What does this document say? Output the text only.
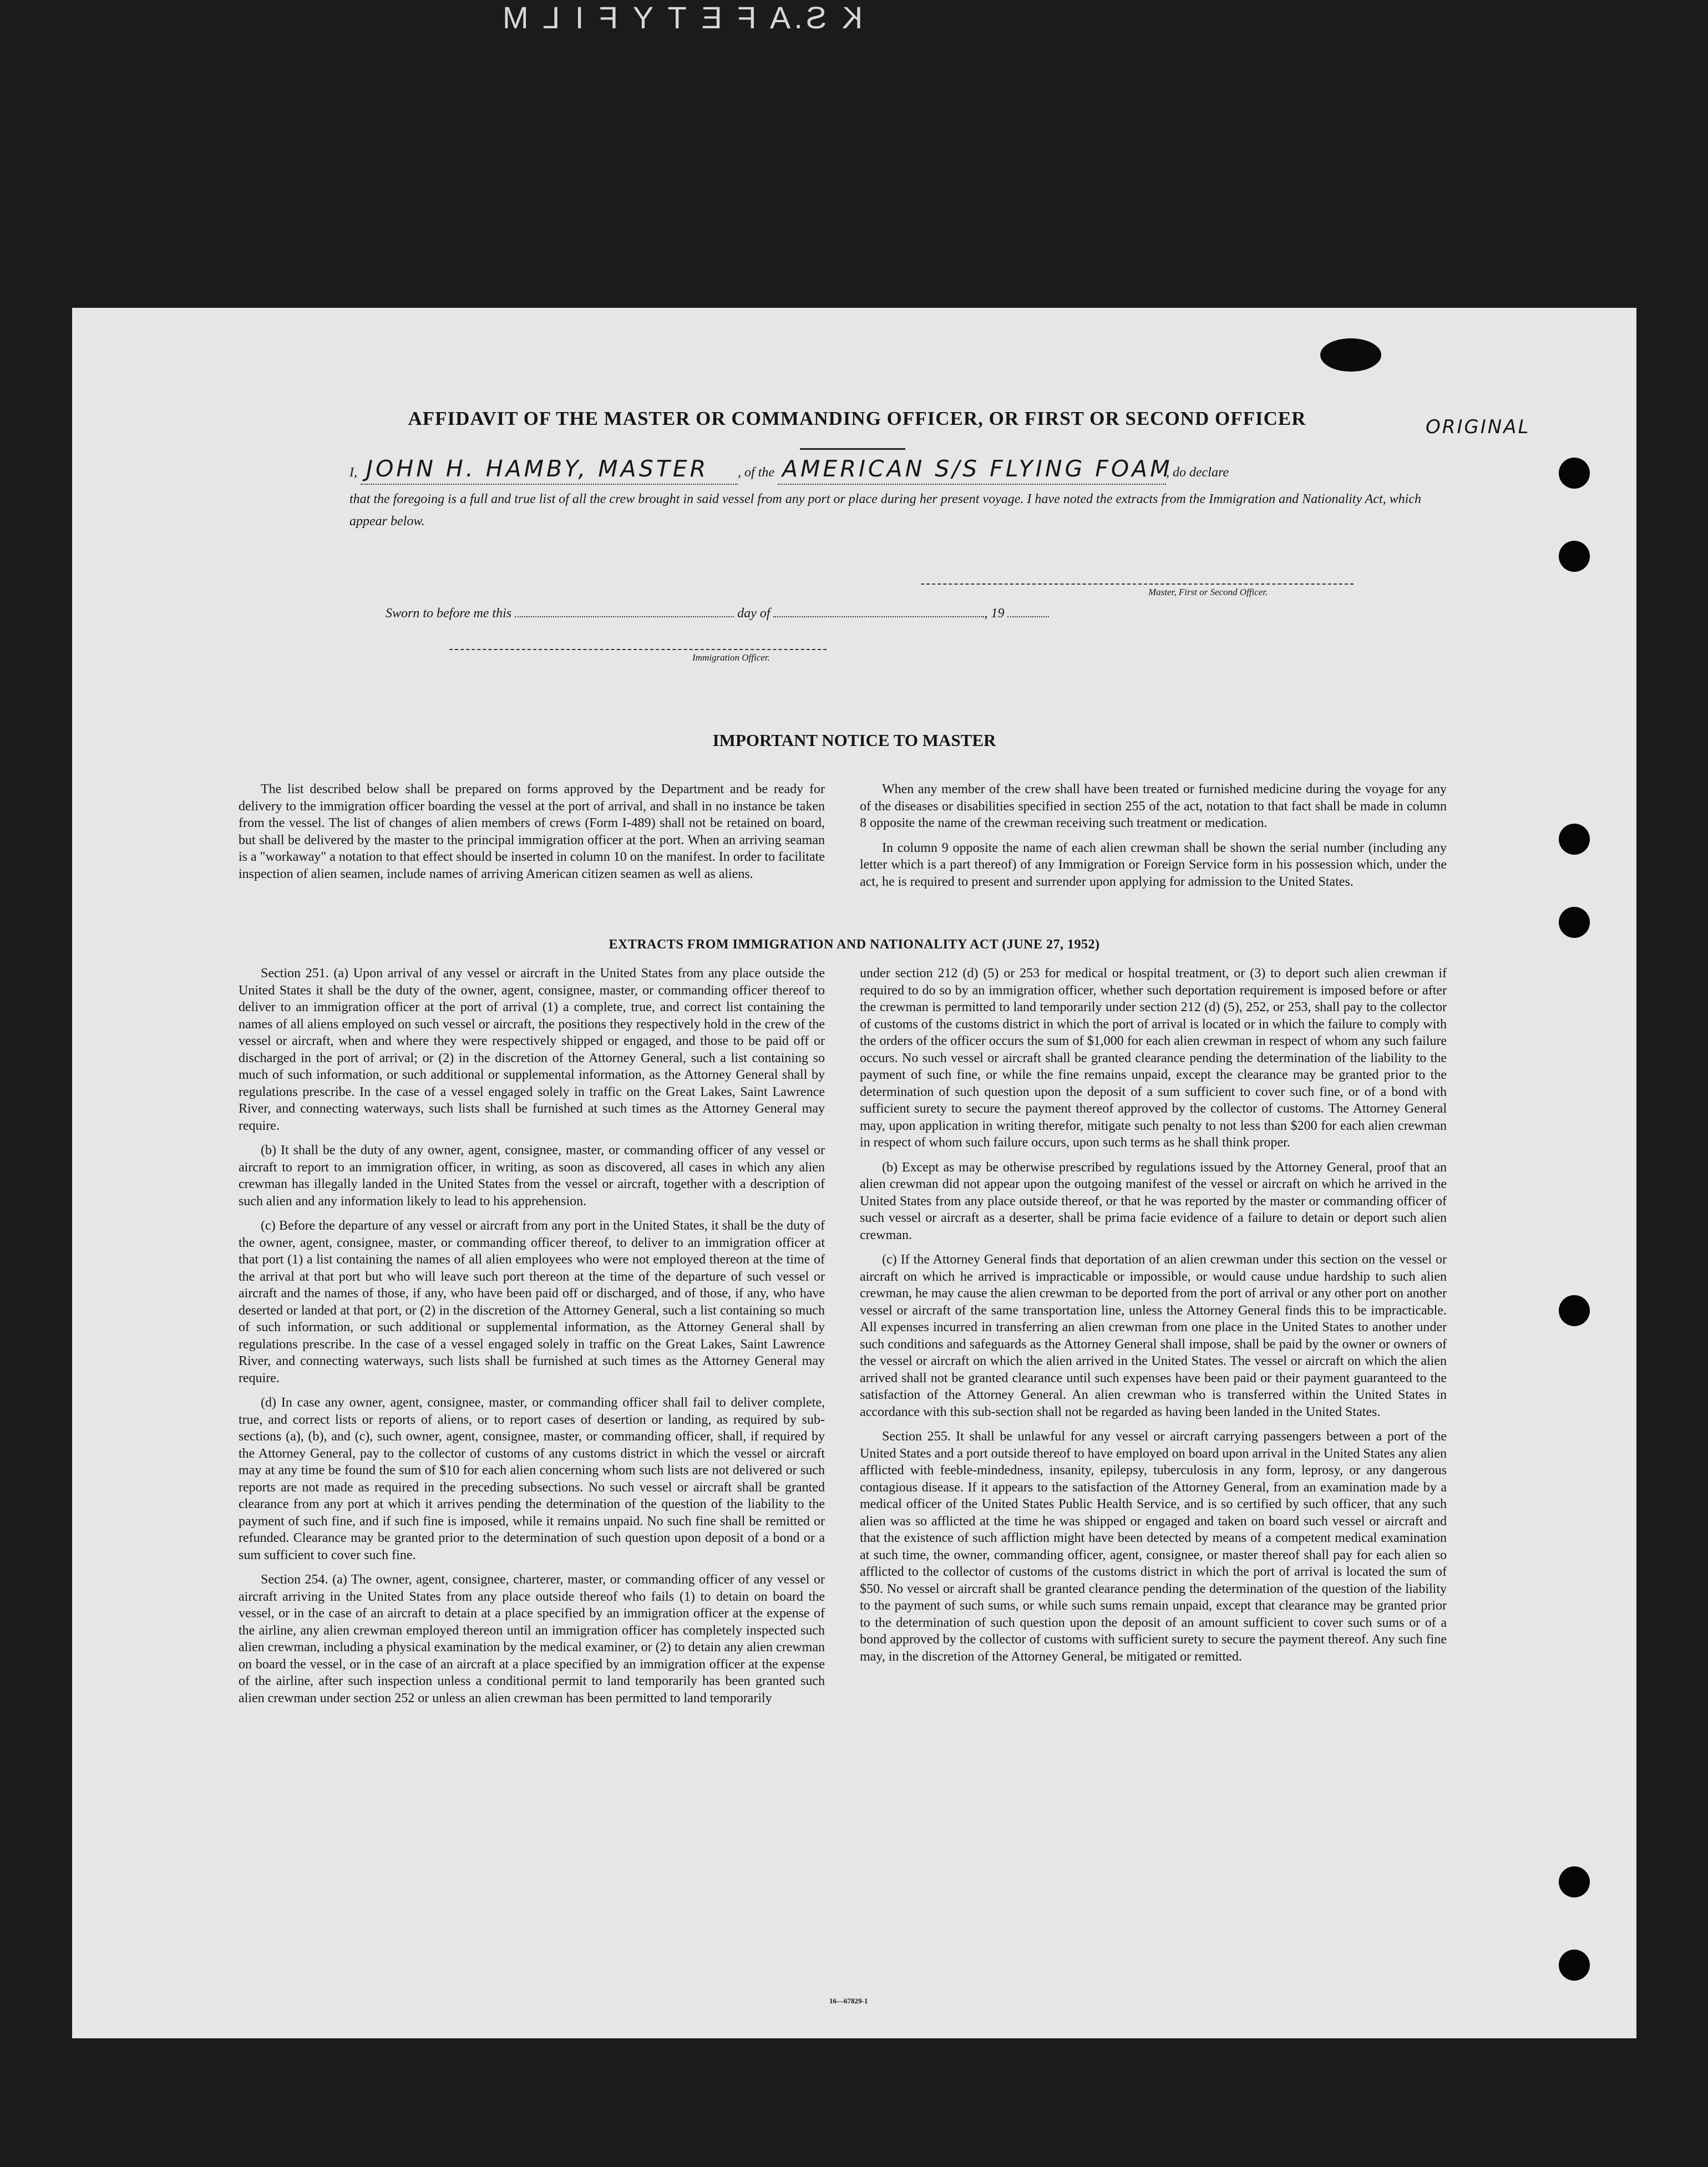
K S.A F E T Y F I L M
AFFIDAVIT OF THE MASTER OR COMMANDING OFFICER, OR FIRST OR SECOND OFFICER	ORIGINAL
I, JOHN H. HAMBY, MASTER , of the AMERICAN S/S FLYING FOAM, do declare
that the foregoing is a full and true list of all the crew brought in said vessel from any port or place during her present voyage. I have noted the extracts from the Immigration and Nationality Act, which appear below.
Master, First or Second Officer.
Sworn to before me this	day of	, 19
Immigration Officer.
IMPORTANT NOTICE TO MASTER

The list described below shall be prepared on forms approved by the Department and be ready for delivery to the immigration officer boarding the vessel at the port of arrival, and shall in no instance be taken from the vessel. The list of changes of alien members of crews (Form I-489) shall not be retained on board, but shall be delivered by the master to the principal immigration officer at the port. When an arriving seaman is a "workaway" a notation to that effect should be inserted in column 10 on the manifest. In order to facilitate inspection of alien seamen, include names of arriving American citizen seamen as well as aliens.

When any member of the crew shall have been treated or furnished medicine during the voyage for any of the diseases or disabilities specified in section 255 of the act, notation to that fact shall be made in column 8 opposite the name of the crewman receiving such treatment or medication.

In column 9 opposite the name of each alien crewman shall be shown the serial number (including any letter which is a part thereof) of any Immigration or Foreign Service form in his possession which, under the act, he is required to present and surrender upon applying for admission to the United States.

EXTRACTS FROM IMMIGRATION AND NATIONALITY ACT (JUNE 27, 1952)

Section 251. (a) Upon arrival of any vessel or aircraft in the United States from any place outside the United States it shall be the duty of the owner, agent, consignee, master, or commanding officer thereof to deliver to an immigration officer at the port of arrival (1) a complete, true, and correct list containing the names of all aliens employed on such vessel or aircraft, the positions they respectively hold in the crew of the vessel or aircraft, when and where they were respectively shipped or engaged, and those to be paid off or discharged in the port of arrival; or (2) in the discretion of the Attorney General, such a list containing so much of such information, or such additional or supplemental information, as the Attorney General shall by regulations prescribe. In the case of a vessel engaged solely in traffic on the Great Lakes, Saint Lawrence River, and connecting waterways, such lists shall be furnished at such times as the Attorney General may require.

(b) It shall be the duty of any owner, agent, consignee, master, or commanding officer of any vessel or aircraft to report to an immigration officer, in writing, as soon as discovered, all cases in which any alien crewman has illegally landed in the United States from the vessel or aircraft, together with a description of such alien and any information likely to lead to his apprehension.

(c) Before the departure of any vessel or aircraft from any port in the United States, it shall be the duty of the owner, agent, consignee, master, or commanding officer thereof, to deliver to an immigration officer at that port (1) a list containing the names of all alien employees who were not employed thereon at the time of the arrival at that port but who will leave such port thereon at the time of the departure of such vessel or aircraft and the names of those, if any, who have been paid off or discharged, and of those, if any, who have deserted or landed at that port, or (2) in the discretion of the Attorney General, such a list containing so much of such information, or such additional or supplemental information, as the Attorney General shall by regulations prescribe. In the case of a vessel engaged solely in traffic on the Great Lakes, Saint Lawrence River, and connecting waterways, such lists shall be furnished at such times as the Attorney General may require.

(d) In case any owner, agent, consignee, master, or commanding officer shall fail to deliver complete, true, and correct lists or reports of aliens, or to report cases of desertion or landing, as required by sub-sections (a), (b), and (c), such owner, agent, consignee, master, or commanding officer, shall, if required by the Attorney General, pay to the collector of customs of any customs district in which the vessel or aircraft may at any time be found the sum of $10 for each alien concerning whom such lists are not delivered or such reports are not made as required in the preceding subsections. No such vessel or aircraft shall be granted clearance from any port at which it arrives pending the determination of the question of the liability to the payment of such fine, and if such fine is imposed, while it remains unpaid. No such fine shall be remitted or refunded. Clearance may be granted prior to the determination of such question upon deposit of a bond or a sum sufficient to cover such fine.

Section 254. (a) The owner, agent, consignee, charterer, master, or commanding officer of any vessel or aircraft arriving in the United States from any place outside thereof who fails (1) to detain on board the vessel, or in the case of an aircraft to detain at a place specified by an immigration officer at the expense of the airline, any alien crewman employed thereon until an immigration officer has completely inspected such alien crewman, including a physical examination by the medical examiner, or (2) to detain any alien crewman on board the vessel, or in the case of an aircraft at a place specified by an immigration officer at the expense of the airline, after such inspection unless a conditional permit to land temporarily has been granted such alien crewman under section 252 or unless an alien crewman has been permitted to land temporarily

under section 212 (d) (5) or 253 for medical or hospital treatment, or (3) to deport such alien crewman if required to do so by an immigration officer, whether such deportation requirement is imposed before or after the crewman is permitted to land temporarily under section 212 (d) (5), 252, or 253, shall pay to the collector of customs of the customs district in which the port of arrival is located or in which the failure to comply with the orders of the officer occurs the sum of $1,000 for each alien crewman in respect of whom any such failure occurs. No such vessel or aircraft shall be granted clearance pending the determination of the liability to the payment of such fine, or while the fine remains unpaid, except the clearance may be granted prior to the determination of such question upon the deposit of a sum sufficient to cover such fine, or of a bond with sufficient surety to secure the payment thereof approved by the collector of customs. The Attorney General may, upon application in writing therefor, mitigate such penalty to not less than $200 for each alien crewman in respect of whom such failure occurs, upon such terms as he shall think proper.

(b) Except as may be otherwise prescribed by regulations issued by the Attorney General, proof that an alien crewman did not appear upon the outgoing manifest of the vessel or aircraft on which he arrived in the United States from any place outside thereof, or that he was reported by the master or commanding officer of such vessel or aircraft as a deserter, shall be prima facie evidence of a failure to detain or deport such alien crewman.

(c) If the Attorney General finds that deportation of an alien crewman under this section on the vessel or aircraft on which he arrived is impracticable or impossible, or would cause undue hardship to such alien crewman, he may cause the alien crewman to be deported from the port of arrival or any other port on another vessel or aircraft of the same transportation line, unless the Attorney General finds this to be impracticable. All expenses incurred in transferring an alien crewman from one place in the United States to another under such conditions and safeguards as the Attorney General shall impose, shall be paid by the owner or owners of the vessel or aircraft on which the alien arrived in the United States. The vessel or aircraft on which the alien arrived shall not be granted clearance until such expenses have been paid or their payment guaranteed to the satisfaction of the Attorney General. An alien crewman who is transferred within the United States in accordance with this sub-section shall not be regarded as having been landed in the United States.

Section 255. It shall be unlawful for any vessel or aircraft carrying passengers between a port of the United States and a port outside thereof to have employed on board upon arrival in the United States any alien afflicted with feeble-mindedness, insanity, epilepsy, tuberculosis in any form, leprosy, or any dangerous contagious disease. If it appears to the satisfaction of the Attorney General, from an examination made by a medical officer of the United States Public Health Service, and is so certified by such officer, that any such alien was so afflicted at the time he was shipped or engaged and taken on board such vessel or aircraft and that the existence of such affliction might have been detected by means of a competent medical examination at such time, the owner, commanding officer, agent, consignee, or master thereof shall pay for each alien so afflicted to the collector of customs of the customs district in which the port of arrival is located the sum of $50. No vessel or aircraft shall be granted clearance pending the determination of the question of the liability to the payment of such sums, or while such sums remain unpaid, except that clearance may be granted prior to the determination of such question upon the deposit of an amount sufficient to cover such sums or of a bond approved by the collector of customs with sufficient surety to secure the payment thereof. Any such fine may, in the discretion of the Attorney General, be mitigated or remitted.

16—67829-1
